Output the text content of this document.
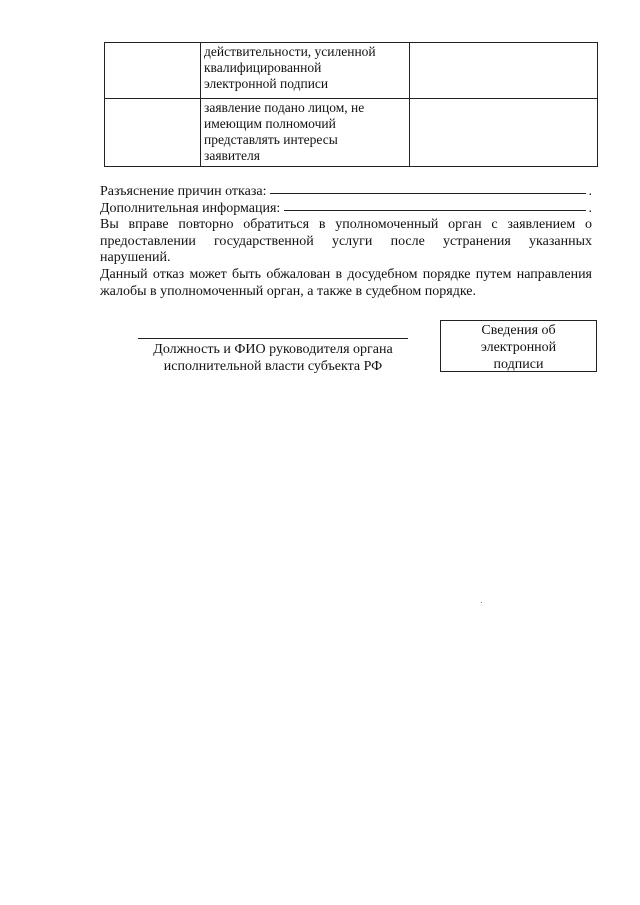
	действительности, усиленной
квалифицированной
электронной подписи	
	заявление подано лицом, не
имеющим полномочий
представлять интересы
заявителя	
Разъяснение причин отказа:	.
Дополнительная информация:	.

Вы вправе повторно обратиться в уполномоченный орган с заявлением о предоставлении государственной услуги после устранения указанных нарушений.

Данный отказ может быть обжалован в досудебном порядке путем направления жалобы в уполномоченный орган, а также в судебном порядке.

Должность и ФИО руководителя органа
исполнительной власти субъекта РФ
Сведения об
электронной
подписи
